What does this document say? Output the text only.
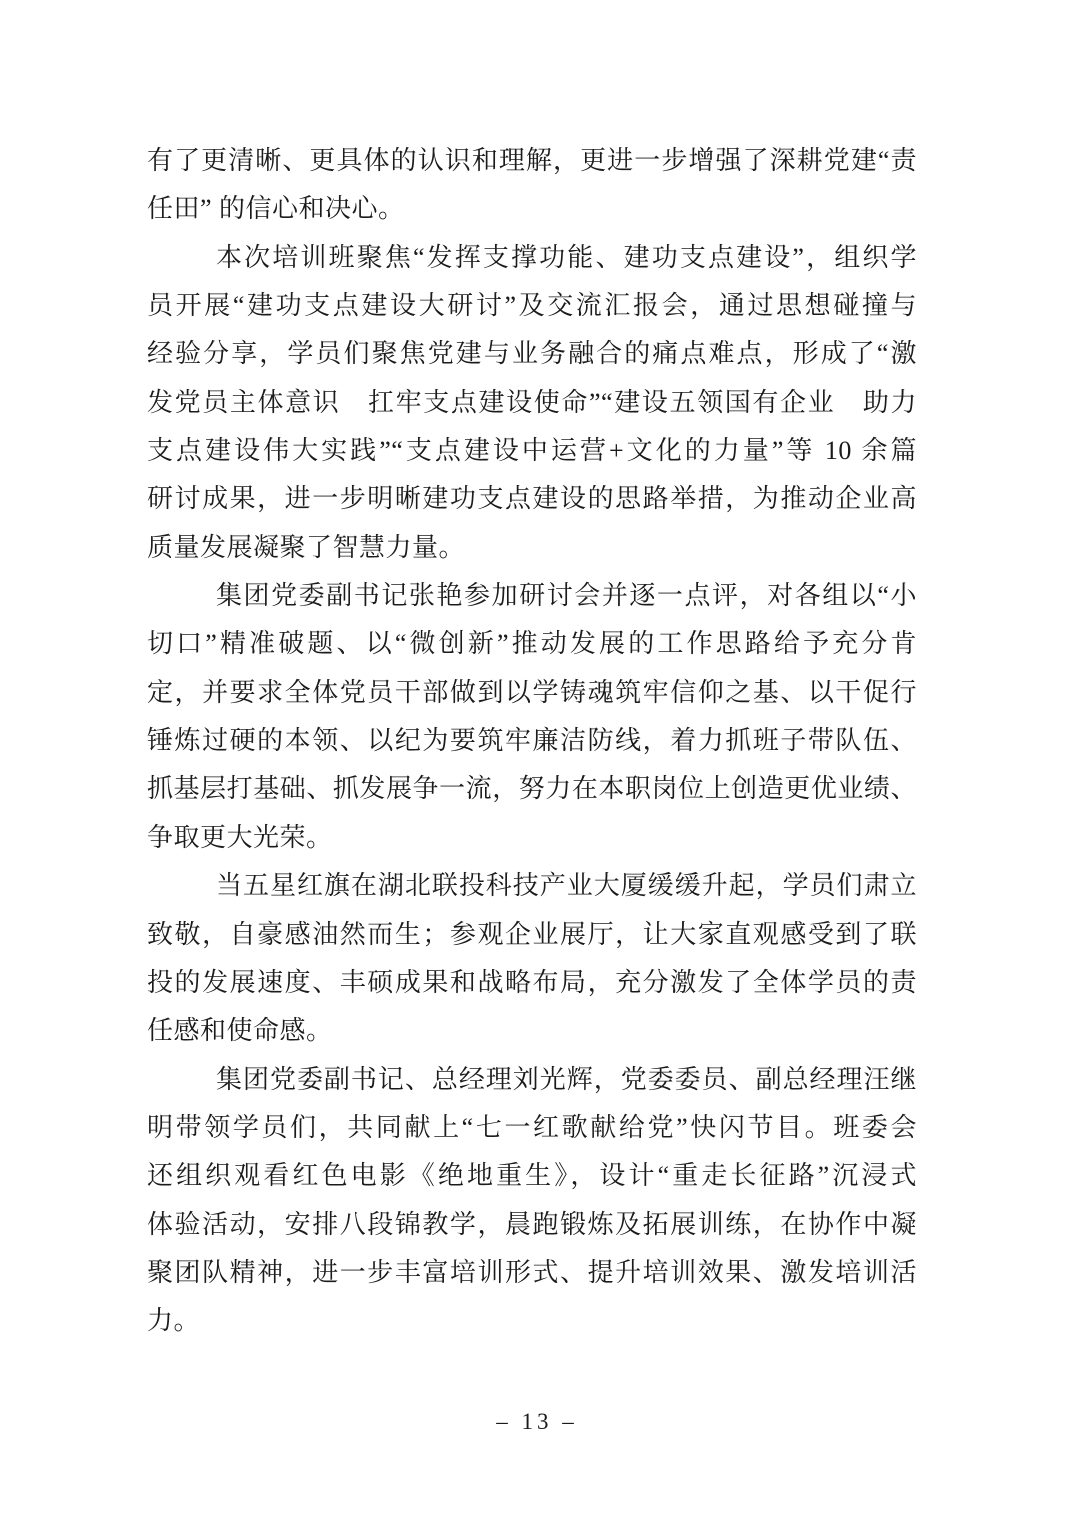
有了更清晰、更具体的认识和理解，更进一步增强了深耕党建“责
任田” 的信心和决心。
本次培训班聚焦“发挥支撑功能、建功支点建设”，组织学
员开展“建功支点建设大研讨”及交流汇报会，通过思想碰撞与
经验分享，学员们聚焦党建与业务融合的痛点难点，形成了“激
发党员主体意识　扛牢支点建设使命”“建设五领国有企业　助力
支点建设伟大实践”“支点建设中运营+文化的力量”等 10 余篇
研讨成果，进一步明晰建功支点建设的思路举措，为推动企业高
质量发展凝聚了智慧力量。
集团党委副书记张艳参加研讨会并逐一点评，对各组以“小
切口”精准破题、以“微创新”推动发展的工作思路给予充分肯
定，并要求全体党员干部做到以学铸魂筑牢信仰之基、以干促行
锤炼过硬的本领、以纪为要筑牢廉洁防线，着力抓班子带队伍、
抓基层打基础、抓发展争一流，努力在本职岗位上创造更优业绩、
争取更大光荣。
当五星红旗在湖北联投科技产业大厦缓缓升起，学员们肃立
致敬，自豪感油然而生；参观企业展厅，让大家直观感受到了联
投的发展速度、丰硕成果和战略布局，充分激发了全体学员的责
任感和使命感。
集团党委副书记、总经理刘光辉，党委委员、副总经理汪继
明带领学员们，共同献上“七一红歌献给党”快闪节目。班委会
还组织观看红色电影《绝地重生》，设计“重走长征路”沉浸式
体验活动，安排八段锦教学，晨跑锻炼及拓展训练，在协作中凝
聚团队精神，进一步丰富培训形式、提升培训效果、激发培训活
力。
– 13 –
